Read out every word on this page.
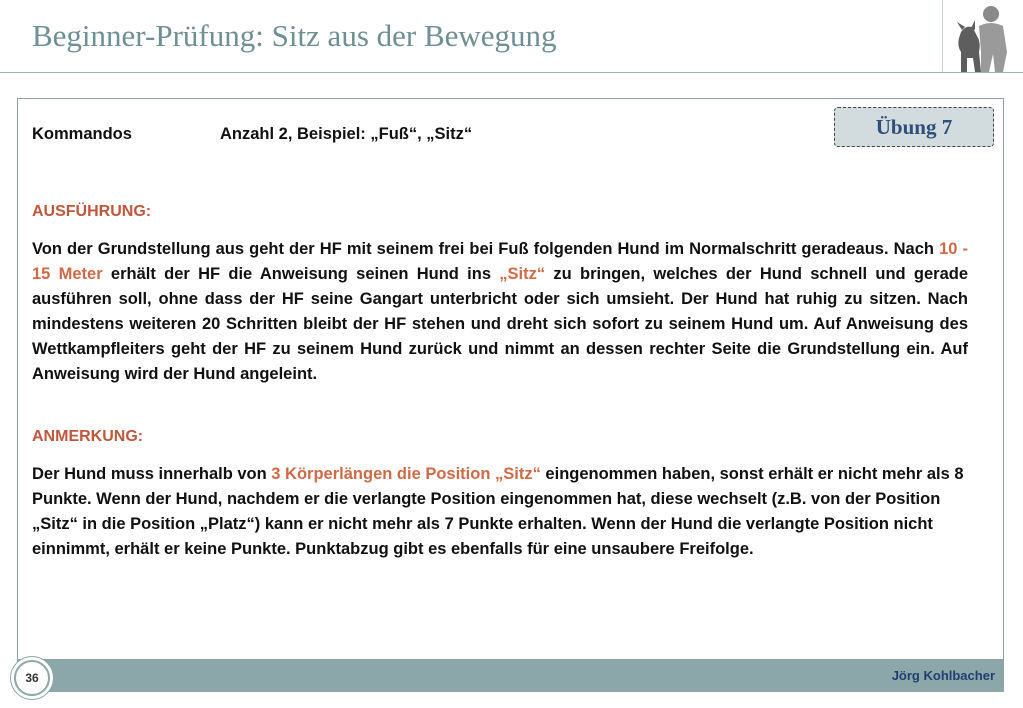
Beginner-Prüfung: Sitz aus der Bewegung
Übung 7
Kommandos	Anzahl 2, Beispiel: „Fuß“, „Sitz“
AUSFÜHRUNG:
Von der Grundstellung aus geht der HF mit seinem frei bei Fuß folgenden Hund im Normalschritt geradeaus. Nach 10 - 15 Meter erhält der HF die Anweisung seinen Hund ins „Sitz“ zu bringen, welches der Hund schnell und gerade ausführen soll, ohne dass der HF seine Gangart unterbricht oder sich umsieht. Der Hund hat ruhig zu sitzen. Nach mindestens weiteren 20 Schritten bleibt der HF stehen und dreht sich sofort zu seinem Hund um. Auf Anweisung des Wettkampfleiters geht der HF zu seinem Hund zurück und nimmt an dessen rechter Seite die Grundstellung ein. Auf Anweisung wird der Hund angeleint.
ANMERKUNG:
Der Hund muss innerhalb von 3 Körperlängen die Position „Sitz“ eingenommen haben, sonst erhält er nicht mehr als 8 Punkte. Wenn der Hund, nachdem er die verlangte Position eingenommen hat, diese wechselt (z.B. von der Position „Sitz“ in die Position „Platz“) kann er nicht mehr als 7 Punkte erhalten. Wenn der Hund die verlangte Position nicht einnimmt, erhält er keine Punkte. Punktabzug gibt es ebenfalls für eine unsaubere Freifolge.
Jörg Kohlbacher
36
